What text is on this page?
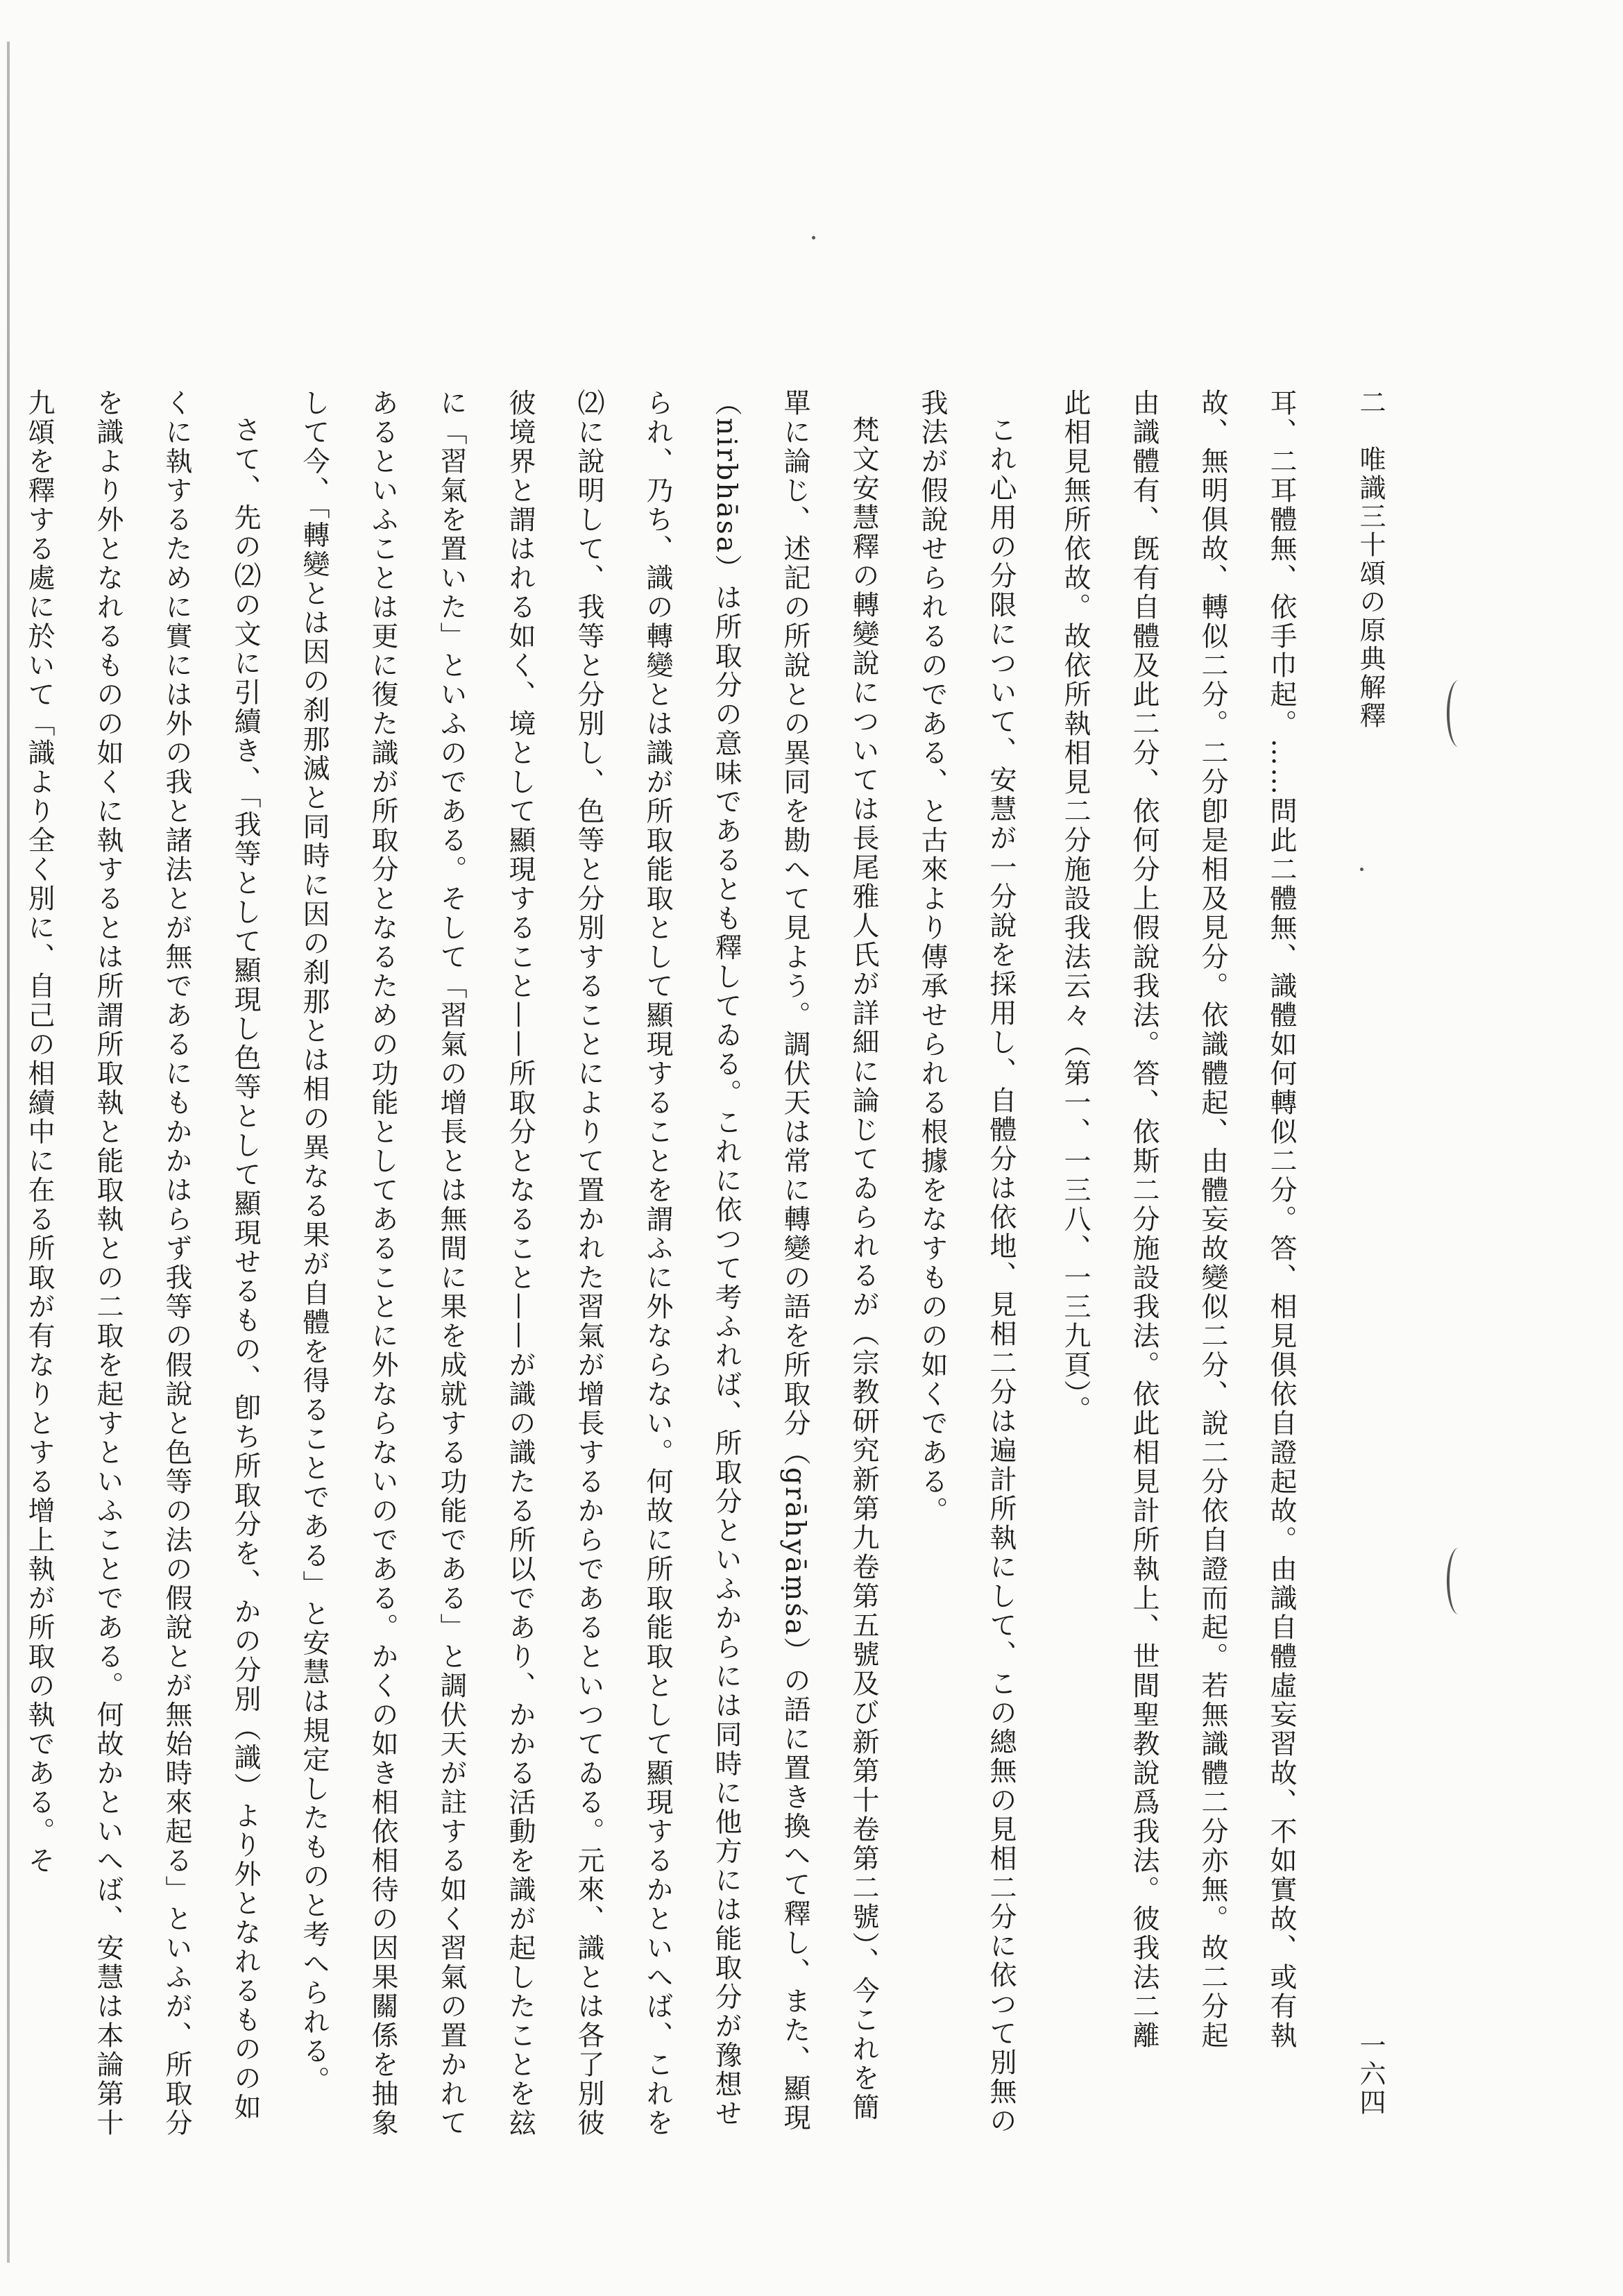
二　唯識三十頌の原典解釋
一六四
耳、二耳體無、依手巾起。……問此二體無、識體如何轉似二分。答、相見俱依自證起故。由識自體虛妄習故、不如實故、或有執
故、無明俱故、轉似二分。二分卽是相及見分。依識體起、由體妄故變似二分、說二分依自證而起。若無識體二分亦無。故二分起
由識體有、旣有自體及此二分、依何分上假說我法。答、依斯二分施設我法。依此相見計所執上、世間聖教說爲我法。彼我法二離
此相見無所依故。故依所執相見二分施設我法云々（第一、一三八、一三九頁）。

これ心用の分限について、安慧が一分說を採用し、自體分は依地、見相二分は遍計所執にして、この總無の見相二分に依つて別無の我法が假說せられるのである、と古來より傳承せられる根據をなすものの如くである。

梵文安慧釋の轉變說については長尾雅人氏が詳細に論じてゐられるが（宗教研究新第九卷第五號及び新第十卷第二號）、今これを簡單に論じ、述記の所說との異同を勘へて見よう。調伏天は常に轉變の語を所取分（grāhyāṃśa）の語に置き換へて釋し、また、顯現（nirbhāsa）は所取分の意味であるとも釋してゐる。これに依つて考ふれば、所取分といふからには同時に他方には能取分が豫想せられ、乃ち、識の轉變とは識が所取能取として顯現することを謂ふに外ならない。何故に所取能取として顯現するかといへば、これを⑵に說明して、我等と分別し、色等と分別することによりて置かれた習氣が增長するからであるといつてゐる。元來、識とは各了別彼彼境界と謂はれる如く、境として顯現すること——所取分となること——が識の識たる所以であり、かかる活動を識が起したことを玆に「習氣を置いた」といふのである。そして「習氣の增長とは無間に果を成就する功能である」と調伏天が註する如く習氣の置かれてあるといふことは更に復た識が所取分となるための功能としてあることに外ならないのである。かくの如き相依相待の因果關係を抽象して今、「轉變とは因の刹那滅と同時に因の刹那とは相の異なる果が自體を得ることである」と安慧は規定したものと考へられる。

さて、先の⑵の文に引續き、「我等として顯現し色等として顯現せるもの、卽ち所取分を、かの分別（識）より外となれるものの如くに執するために實には外の我と諸法とが無であるにもかかはらず我等の假說と色等の法の假說とが無始時來起る」といふが、所取分を識より外となれるものの如くに執するとは所謂所取執と能取執との二取を起すといふことである。何故かといへば、安慧は本論第十九頌を釋する處に於いて「識より全く別に、自己の相續中に在る所取が有なりとする增上執が所取の執である。そ
